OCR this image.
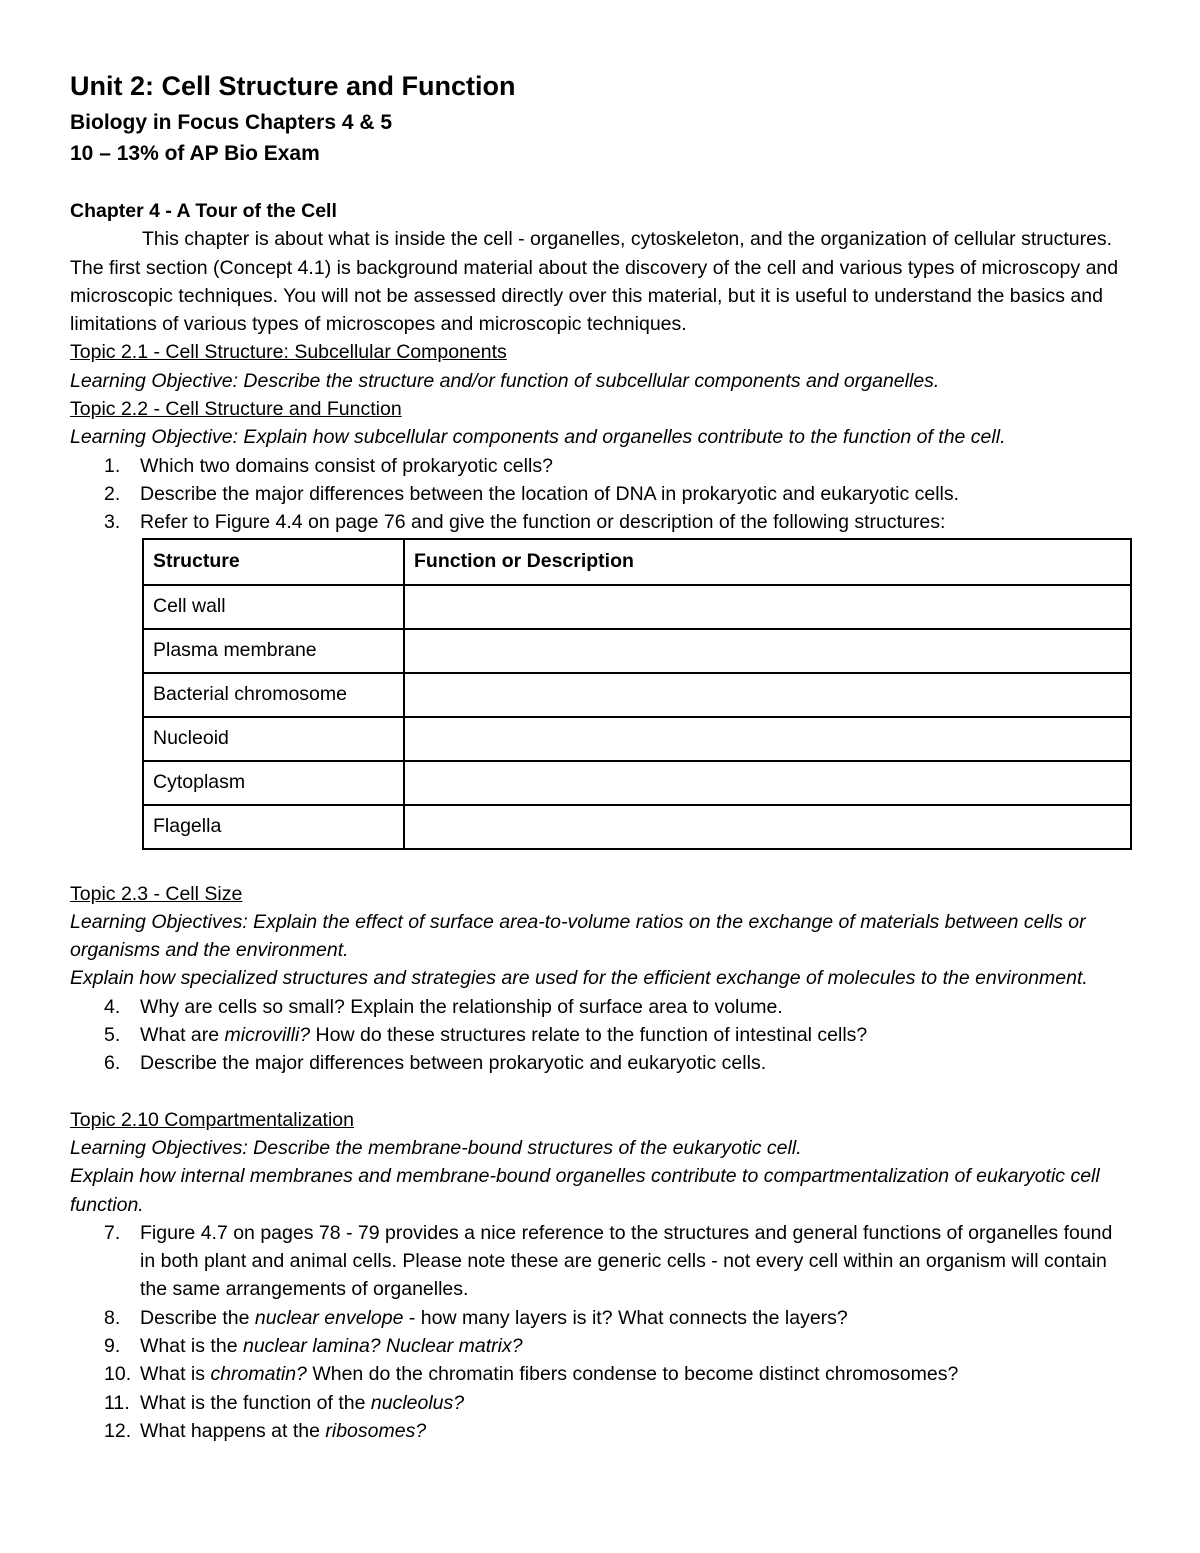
Unit 2: Cell Structure and Function
Biology in Focus Chapters 4 & 5
10 – 13% of AP Bio Exam

Chapter 4 - A Tour of the Cell

This chapter is about what is inside the cell - organelles, cytoskeleton, and the organization of cellular structures. The first section (Concept 4.1) is background material about the discovery of the cell and various types of microscopy and microscopic techniques. You will not be assessed directly over this material, but it is useful to understand the basics and limitations of various types of microscopes and microscopic techniques.

Topic 2.1 - Cell Structure: Subcellular Components

Learning Objective: Describe the structure and/or function of subcellular components and organelles.

Topic 2.2 - Cell Structure and Function

Learning Objective: Explain how subcellular components and organelles contribute to the function of the cell.

1.	Which two domains consist of prokaryotic cells?
2.	Describe the major differences between the location of DNA in prokaryotic and eukaryotic cells.
3.	Refer to Figure 4.4 on page 76 and give the function or description of the following structures:
Structure	Function or Description
Cell wall	
Plasma membrane	
Bacterial chromosome	
Nucleoid	
Cytoplasm	
Flagella	

Topic 2.3 - Cell Size

Learning Objectives: Explain the effect of surface area-to-volume ratios on the exchange of materials between cells or organisms and the environment.

Explain how specialized structures and strategies are used for the efficient exchange of molecules to the environment.

4.	Why are cells so small? Explain the relationship of surface area to volume.
5.	What are microvilli? How do these structures relate to the function of intestinal cells?
6.	Describe the major differences between prokaryotic and eukaryotic cells.

Topic 2.10 Compartmentalization

Learning Objectives: Describe the membrane-bound structures of the eukaryotic cell.

Explain how internal membranes and membrane-bound organelles contribute to compartmentalization of eukaryotic cell function.

7.	Figure 4.7 on pages 78 - 79 provides a nice reference to the structures and general functions of organelles found in both plant and animal cells. Please note these are generic cells - not every cell within an organism will contain the same arrangements of organelles.
8.	Describe the nuclear envelope - how many layers is it? What connects the layers?
9.	What is the nuclear lamina? Nuclear matrix?
10. What is chromatin? When do the chromatin fibers condense to become distinct chromosomes?
11. What is the function of the nucleolus?
12. What happens at the ribosomes?
